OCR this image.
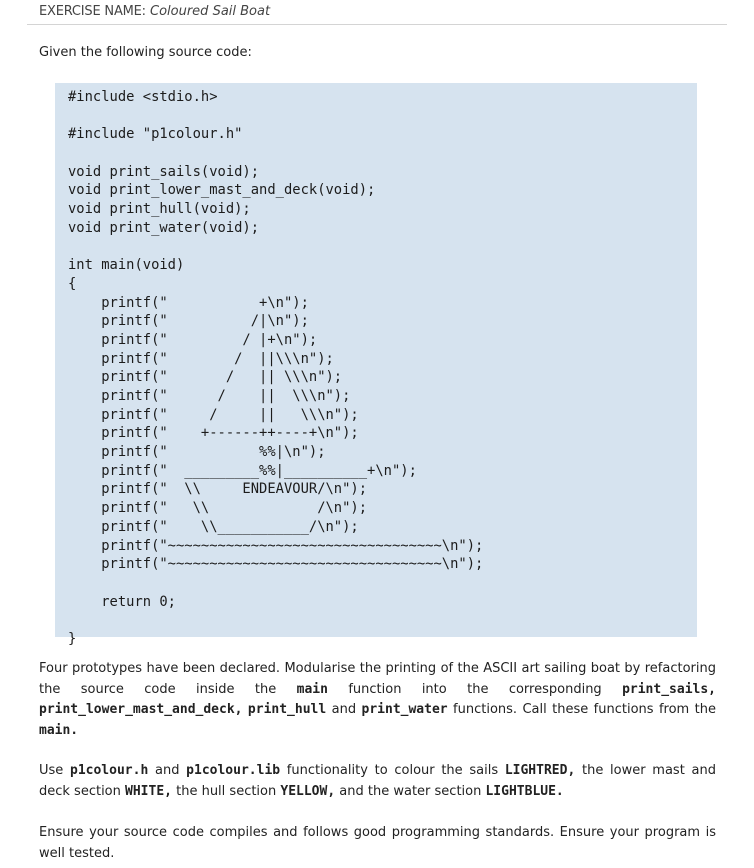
EXERCISE NAME: Coloured Sail Boat
Given the following source code:
#include <stdio.h>
#include "p1colour.h"
void print_sails(void);
void print_lower_mast_and_deck(void);
void print_hull(void);
void print_water(void);
int main(void)
{
printf("           +\n");
printf("          /|\n");
printf("         / |+\n");
printf("        /  ||\\\n");
printf("       /   || \\\n");
printf("      /    ||  \\\n");
printf("     /     ||   \\\n");
printf("    +------++----+\n");
printf("           %%|\n");
printf("  _________%%|__________+\n");
printf("  \\     ENDEAVOUR/\n");
printf("   \\             /\n");
printf("    \\___________/\n");
printf("~~~~~~~~~~~~~~~~~~~~~~~~~~~~~~~~~\n");
printf("~~~~~~~~~~~~~~~~~~~~~~~~~~~~~~~~~\n");
return 0;
}
Four prototypes have been declared. Modularise the printing of the ASCII art sailing boat by refactoring the source code inside the main function into the corresponding print_sails, print_lower_mast_and_deck, print_hull and print_water functions. Call these functions from the main.
Use p1colour.h and p1colour.lib functionality to colour the sails LIGHTRED, the lower mast and deck section WHITE, the hull section YELLOW, and the water section LIGHTBLUE.
Ensure your source code compiles and follows good programming standards. Ensure your program is well tested.
